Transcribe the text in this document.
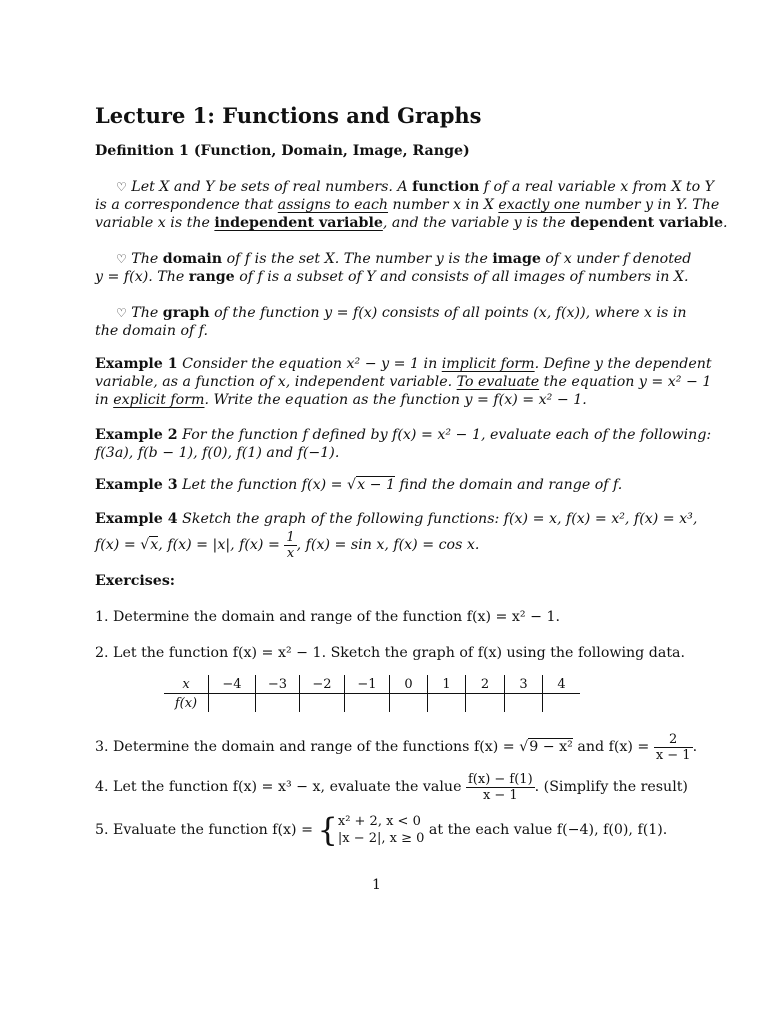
Lecture 1: Functions and Graphs
Definition 1 (Function, Domain, Image, Range)
♡ Let X and Y be sets of real numbers. A function f of a real variable x from X to Y
is a correspondence that assigns to each number x in X exactly one number y in Y. The
variable x is the independent variable, and the variable y is the dependent variable.
♡ The domain of f is the set X. The number y is the image of x under f denoted
y = f(x). The range of f is a subset of Y and consists of all images of numbers in X.
♡ The graph of the function y = f(x) consists of all points (x, f(x)), where x is in
the domain of f.
Example 1 Consider the equation x² − y = 1 in implicit form. Define y the dependent
variable, as a function of x, independent variable. To evaluate the equation y = x² − 1
in explicit form. Write the equation as the function y = f(x) = x² − 1.
Example 2 For the function f defined by f(x) = x² − 1, evaluate each of the following:
f(3a), f(b − 1), f(0), f(1) and f(−1).
Example 3 Let the function f(x) = √x − 1 find the domain and range of f.
Example 4 Sketch the graph of the following functions: f(x) = x, f(x) = x², f(x) = x³,
f(x) = √x, f(x) = |x|, $f(x) = \frac{1}{x}$ , f(x) = sin x, f(x) = cos x.
Exercises:
1. Determine the domain and range of the function f(x) = x² − 1.
2. Let the function f(x) = x² − 1. Sketch the graph of f(x) using the following data.
x	−4	−3	−2	−1	0	1	2	3	4
f(x)									
3. Determine the domain and range of the functions f(x) = √9 − x² and $f(x) = \frac{2}{x - 1}$ .
4. Let the function f(x) = x³ − x, evaluate the value $\frac{f(x) - f(1)}{x - 1}$ . (Simplify the result)
5. Evaluate the function f(x) = { x² + 2, x < 0
|x − 2|, x ≥ 0
at the each value f(−4), f(0), f(1).
1
